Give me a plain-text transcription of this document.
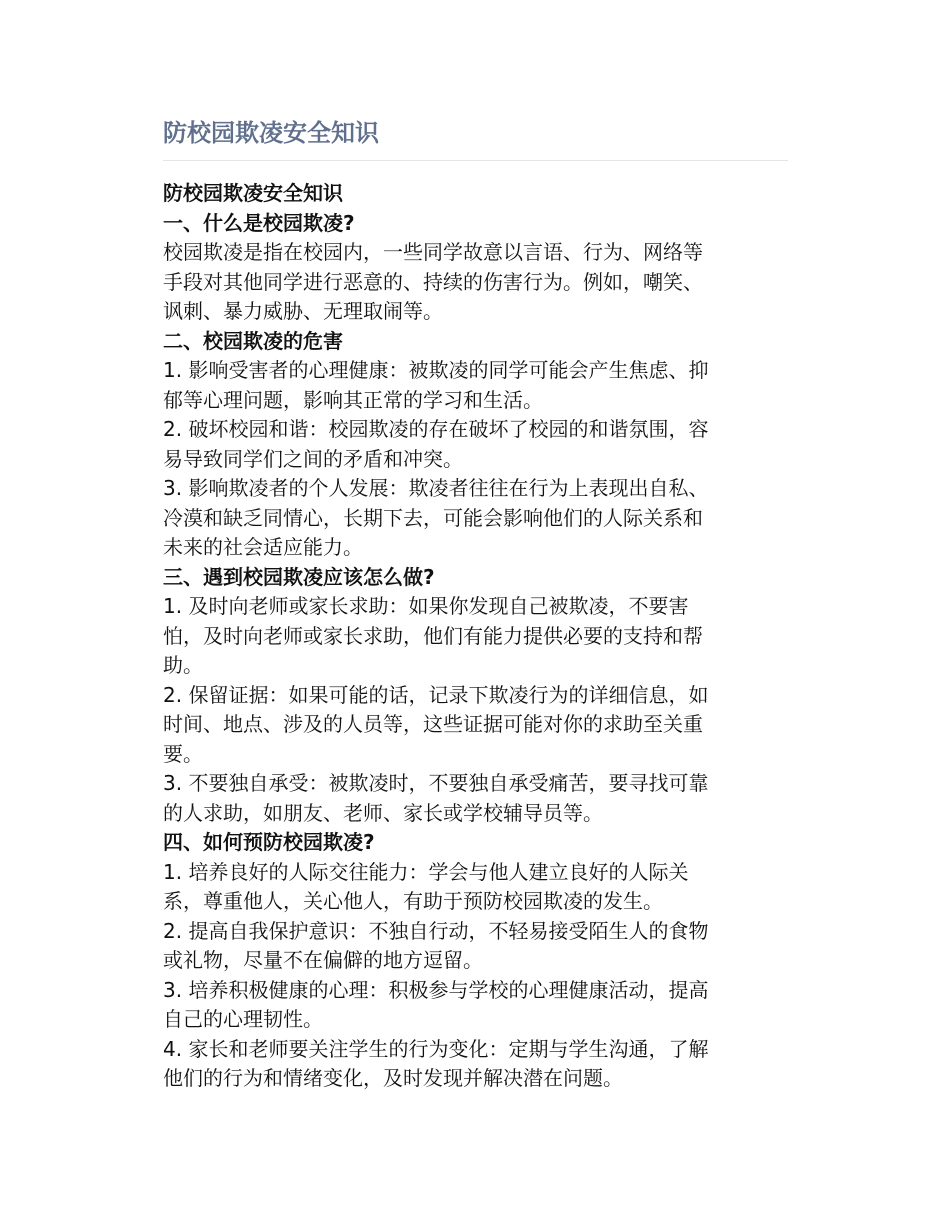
防校园欺凌安全知识

防校园欺凌安全知识

一、什么是校园欺凌?

校园欺凌是指在校园内，一些同学故意以言语、行为、网络等

手段对其他同学进行恶意的、持续的伤害行为。例如，嘲笑、

讽刺、暴力威胁、无理取闹等。

二、校园欺凌的危害

1. 影响受害者的心理健康：被欺凌的同学可能会产生焦虑、抑

郁等心理问题，影响其正常的学习和生活。

2. 破坏校园和谐：校园欺凌的存在破坏了校园的和谐氛围，容

易导致同学们之间的矛盾和冲突。

3. 影响欺凌者的个人发展：欺凌者往往在行为上表现出自私、

冷漠和缺乏同情心，长期下去，可能会影响他们的人际关系和

未来的社会适应能力。

三、遇到校园欺凌应该怎么做?

1. 及时向老师或家长求助：如果你发现自己被欺凌，不要害

怕，及时向老师或家长求助，他们有能力提供必要的支持和帮

助。

2. 保留证据：如果可能的话，记录下欺凌行为的详细信息，如

时间、地点、涉及的人员等，这些证据可能对你的求助至关重

要。

3. 不要独自承受：被欺凌时，不要独自承受痛苦，要寻找可靠

的人求助，如朋友、老师、家长或学校辅导员等。

四、如何预防校园欺凌?

1. 培养良好的人际交往能力：学会与他人建立良好的人际关

系，尊重他人，关心他人，有助于预防校园欺凌的发生。

2. 提高自我保护意识：不独自行动，不轻易接受陌生人的食物

或礼物，尽量不在偏僻的地方逗留。

3. 培养积极健康的心理：积极参与学校的心理健康活动，提高

自己的心理韧性。

4. 家长和老师要关注学生的行为变化：定期与学生沟通，了解

他们的行为和情绪变化，及时发现并解决潜在问题。
